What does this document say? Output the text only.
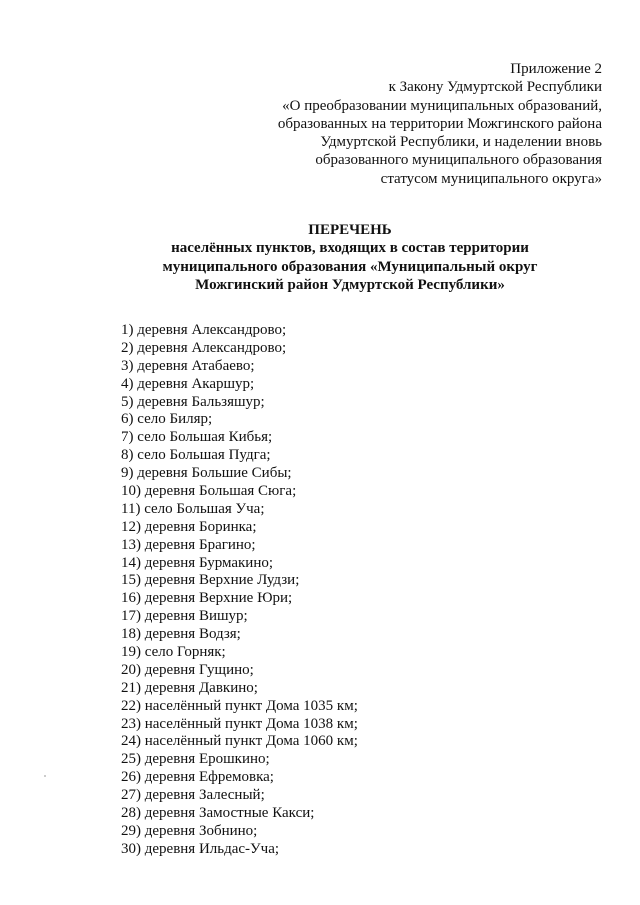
Приложение 2
к Закону Удмуртской Республики
«О преобразовании муниципальных образований,
образованных на территории Можгинского района
Удмуртской Республики, и наделении вновь
образованного муниципального образования
статусом муниципального округа»
ПЕРЕЧЕНЬ
населённых пунктов, входящих в состав территории
муниципального образования «Муниципальный округ
Можгинский район Удмуртской Республики»
1) деревня Александрово;
2) деревня Александрово;
3) деревня Атабаево;
4) деревня Акаршур;
5) деревня Бальзяшур;
6) село Биляр;
7) село Большая Кибья;
8) село Большая Пудга;
9) деревня Большие Сибы;
10) деревня Большая Сюга;
11) село Большая Уча;
12) деревня Боринка;
13) деревня Брагино;
14) деревня Бурмакино;
15) деревня Верхние Лудзи;
16) деревня Верхние Юри;
17) деревня Вишур;
18) деревня Водзя;
19) село Горняк;
20) деревня Гущино;
21) деревня Давкино;
22) населённый пункт Дома 1035 км;
23) населённый пункт Дома 1038 км;
24) населённый пункт Дома 1060 км;
25) деревня Ерошкино;
26) деревня Ефремовка;
27) деревня Залесный;
28) деревня Замостные Какси;
29) деревня Зобнино;
30) деревня Ильдас-Уча;
